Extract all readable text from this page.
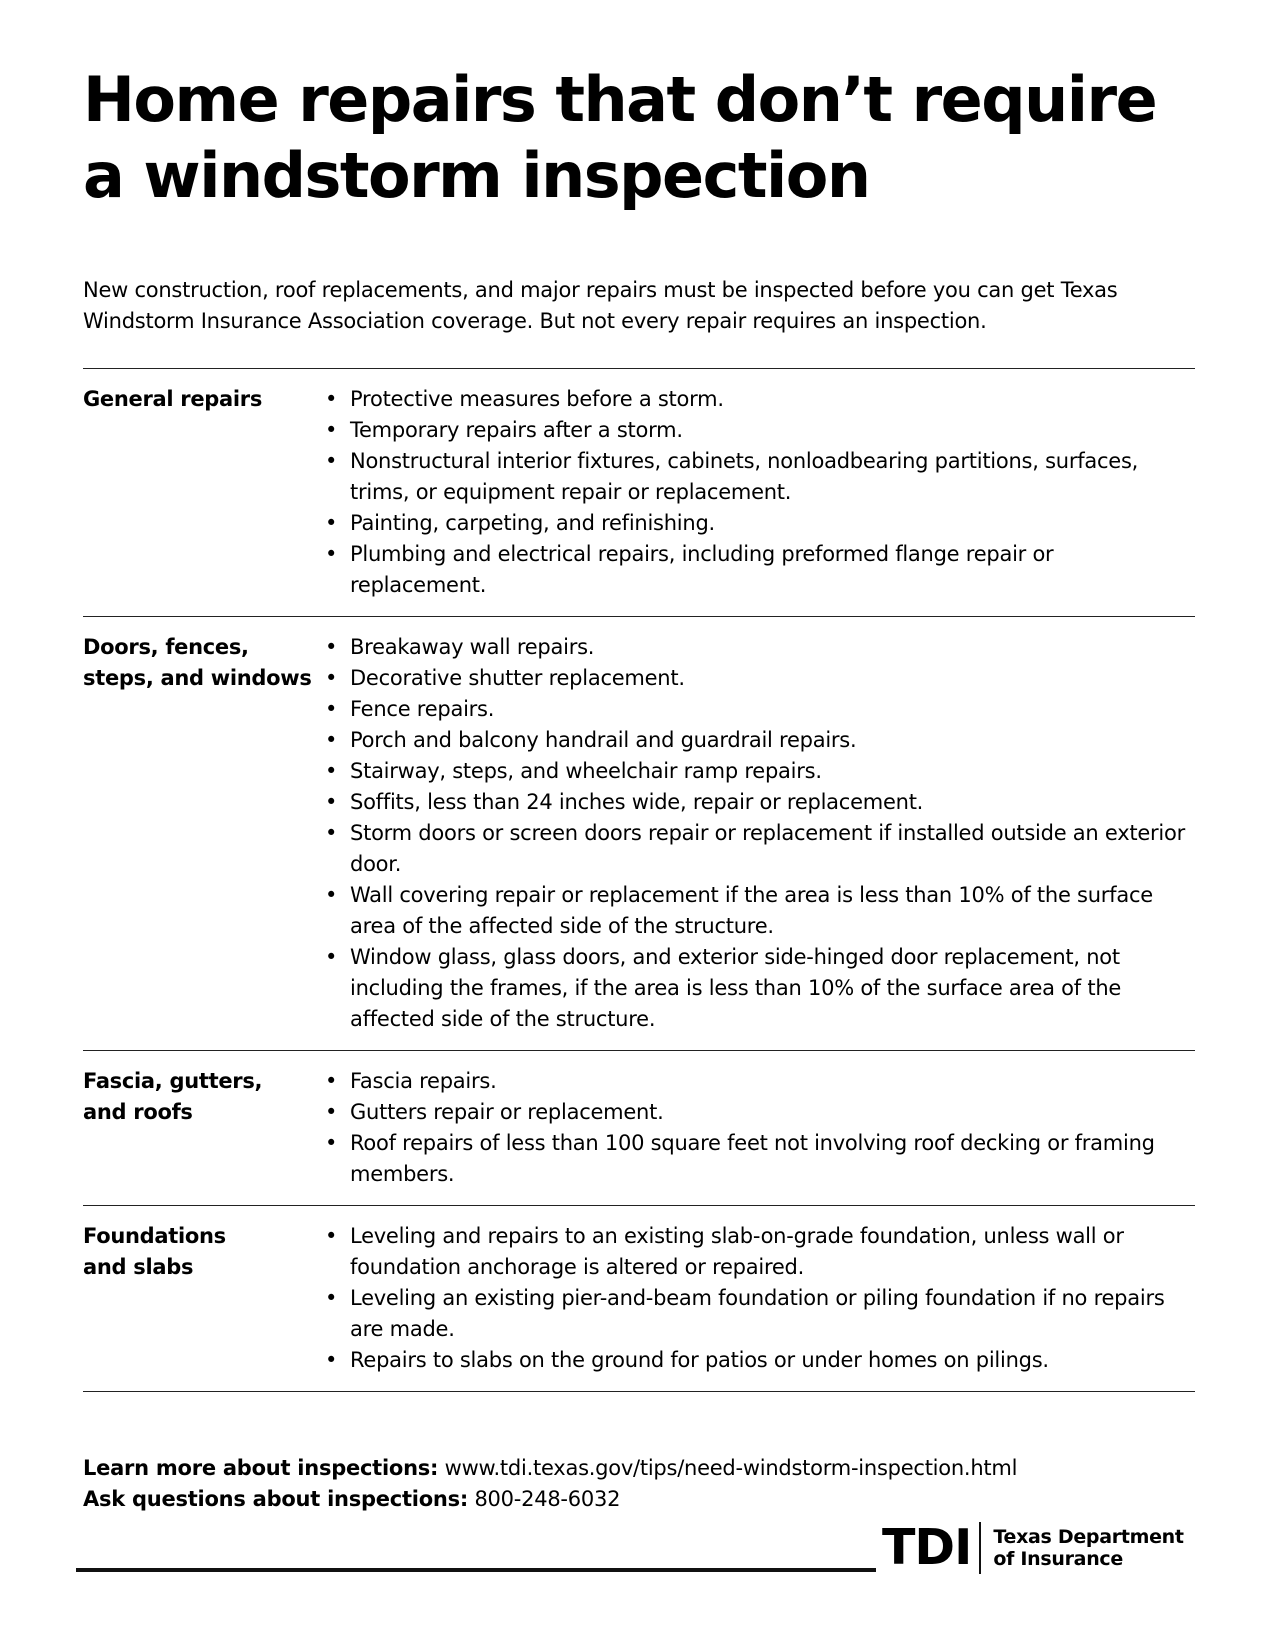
Home repairs that don’t require a windstorm inspection

New construction, roof replacements, and major repairs must be inspected before you can get Texas Windstorm Insurance Association coverage. But not every repair requires an inspection.

General repairs	• Protective measures before a storm.
• Temporary repairs after a storm.
• Nonstructural interior fixtures, cabinets, nonloadbearing partitions, surfaces, trims, or equipment repair or replacement.
• Painting, carpeting, and refinishing.
• Plumbing and electrical repairs, including preformed flange repair or replacement.
Doors, fences,
steps, and windows
• Breakaway wall repairs.
• Decorative shutter replacement.
• Fence repairs.
• Porch and balcony handrail and guardrail repairs.
• Stairway, steps, and wheelchair ramp repairs.
• Soffits, less than 24 inches wide, repair or replacement.
• Storm doors or screen doors repair or replacement if installed outside an exterior door.
• Wall covering repair or replacement if the area is less than 10% of the surface area of the affected side of the structure.
• Window glass, glass doors, and exterior side-hinged door replacement, not including the frames, if the area is less than 10% of the surface area of the affected side of the structure.
Fascia, gutters,
and roofs
• Fascia repairs.
• Gutters repair or replacement.
• Roof repairs of less than 100 square feet not involving roof decking or framing members.
Foundations
and slabs
• Leveling and repairs to an existing slab-on-grade foundation, unless wall or foundation anchorage is altered or repaired.
• Leveling an existing pier-and-beam foundation or piling foundation if no repairs are made.
• Repairs to slabs on the ground for patios or under homes on pilings.
Learn more about inspections: www.tdi.texas.gov/tips/need-windstorm-inspection.html
Ask questions about inspections: 800-248-6032
TDI Texas Department
of Insurance
